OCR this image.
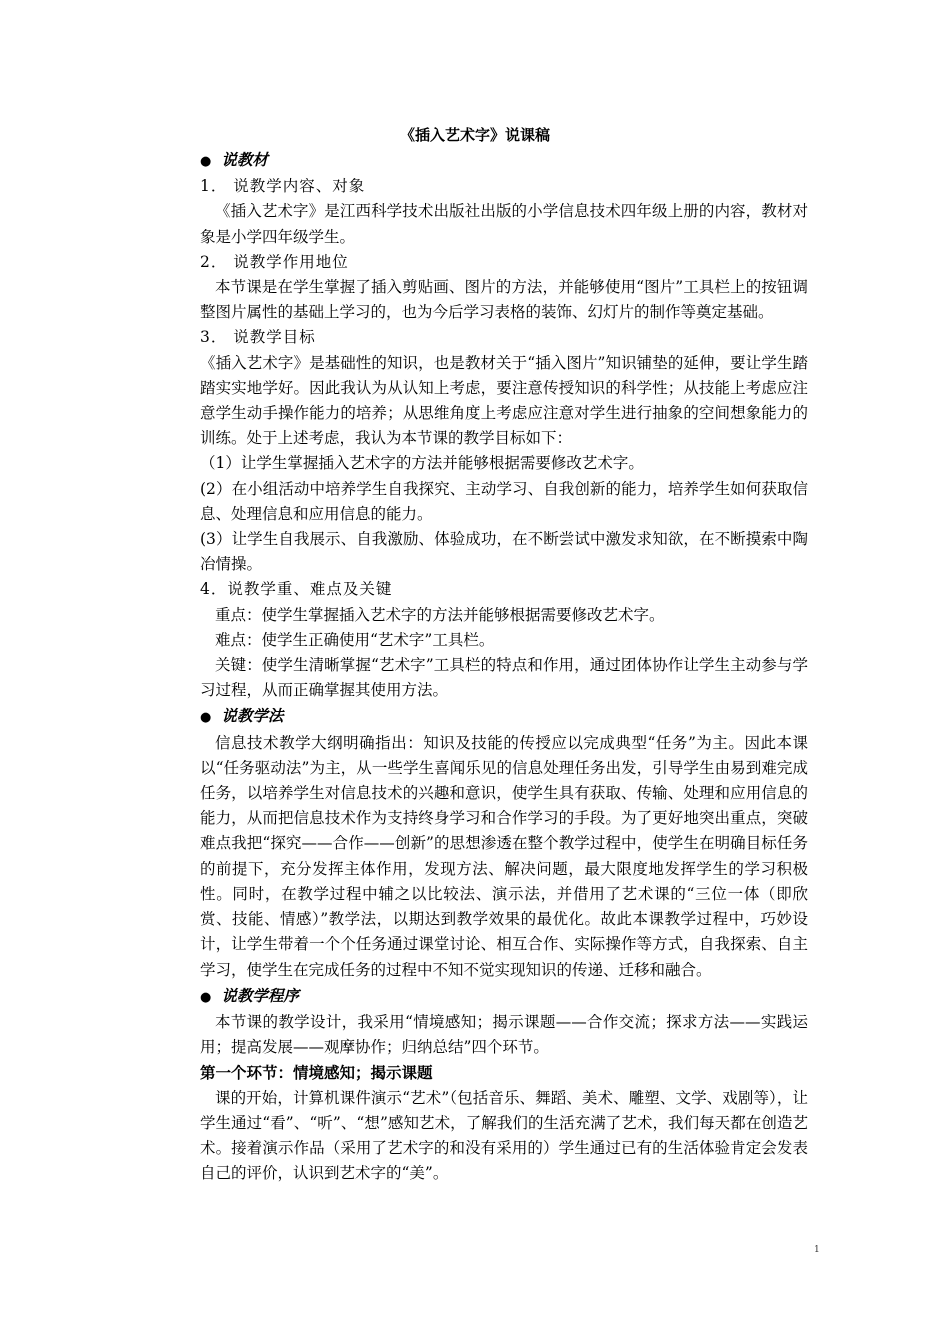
《插入艺术字》说课稿

● 说教材

1． 说教学内容、对象

《插入艺术字》是江西科学技术出版社出版的小学信息技术四年级上册的内容，教材对象是小学四年级学生。

2． 说教学作用地位

本节课是在学生掌握了插入剪贴画、图片的方法，并能够使用“图片”工具栏上的按钮调整图片属性的基础上学习的，也为今后学习表格的装饰、幻灯片的制作等奠定基础。

3． 说教学目标

《插入艺术字》是基础性的知识，也是教材关于“插入图片”知识铺垫的延伸，要让学生踏踏实实地学好。因此我认为从认知上考虑，要注意传授知识的科学性；从技能上考虑应注意学生动手操作能力的培养；从思维角度上考虑应注意对学生进行抽象的空间想象能力的训练。处于上述考虑，我认为本节课的教学目标如下：

（1）让学生掌握插入艺术字的方法并能够根据需要修改艺术字。

(2）在小组活动中培养学生自我探究、主动学习、自我创新的能力，培养学生如何获取信息、处理信息和应用信息的能力。

(3）让学生自我展示、自我激励、体验成功，在不断尝试中激发求知欲，在不断摸索中陶冶情操。

4．说教学重、难点及关键

重点：使学生掌握插入艺术字的方法并能够根据需要修改艺术字。

难点：使学生正确使用“艺术字”工具栏。

关键：使学生清晰掌握“艺术字”工具栏的特点和作用，通过团体协作让学生主动参与学习过程，从而正确掌握其使用方法。

● 说教学法

信息技术教学大纲明确指出：知识及技能的传授应以完成典型“任务”为主。因此本课以“任务驱动法”为主，从一些学生喜闻乐见的信息处理任务出发，引导学生由易到难完成任务，以培养学生对信息技术的兴趣和意识，使学生具有获取、传输、处理和应用信息的能力，从而把信息技术作为支持终身学习和合作学习的手段。为了更好地突出重点，突破难点我把“探究——合作——创新”的思想渗透在整个教学过程中，使学生在明确目标任务的前提下，充分发挥主体作用，发现方法、解决问题，最大限度地发挥学生的学习积极性。同时，在教学过程中辅之以比较法、演示法，并借用了艺术课的“三位一体（即欣赏、技能、情感）”教学法，以期达到教学效果的最优化。故此本课教学过程中，巧妙设计，让学生带着一个个任务通过课堂讨论、相互合作、实际操作等方式，自我探索、自主学习，使学生在完成任务的过程中不知不觉实现知识的传递、迁移和融合。

● 说教学程序

本节课的教学设计，我采用“情境感知；揭示课题——合作交流；探求方法——实践运用；提高发展——观摩协作；归纳总结”四个环节。

第一个环节：情境感知；揭示课题

课的开始，计算机课件演示“艺术”（包括音乐、舞蹈、美术、雕塑、文学、戏剧等），让学生通过“看”、“听”、“想”感知艺术，了解我们的生活充满了艺术，我们每天都在创造艺术。接着演示作品（采用了艺术字的和没有采用的）学生通过已有的生活体验肯定会发表自己的评价，认识到艺术字的“美”。

1
